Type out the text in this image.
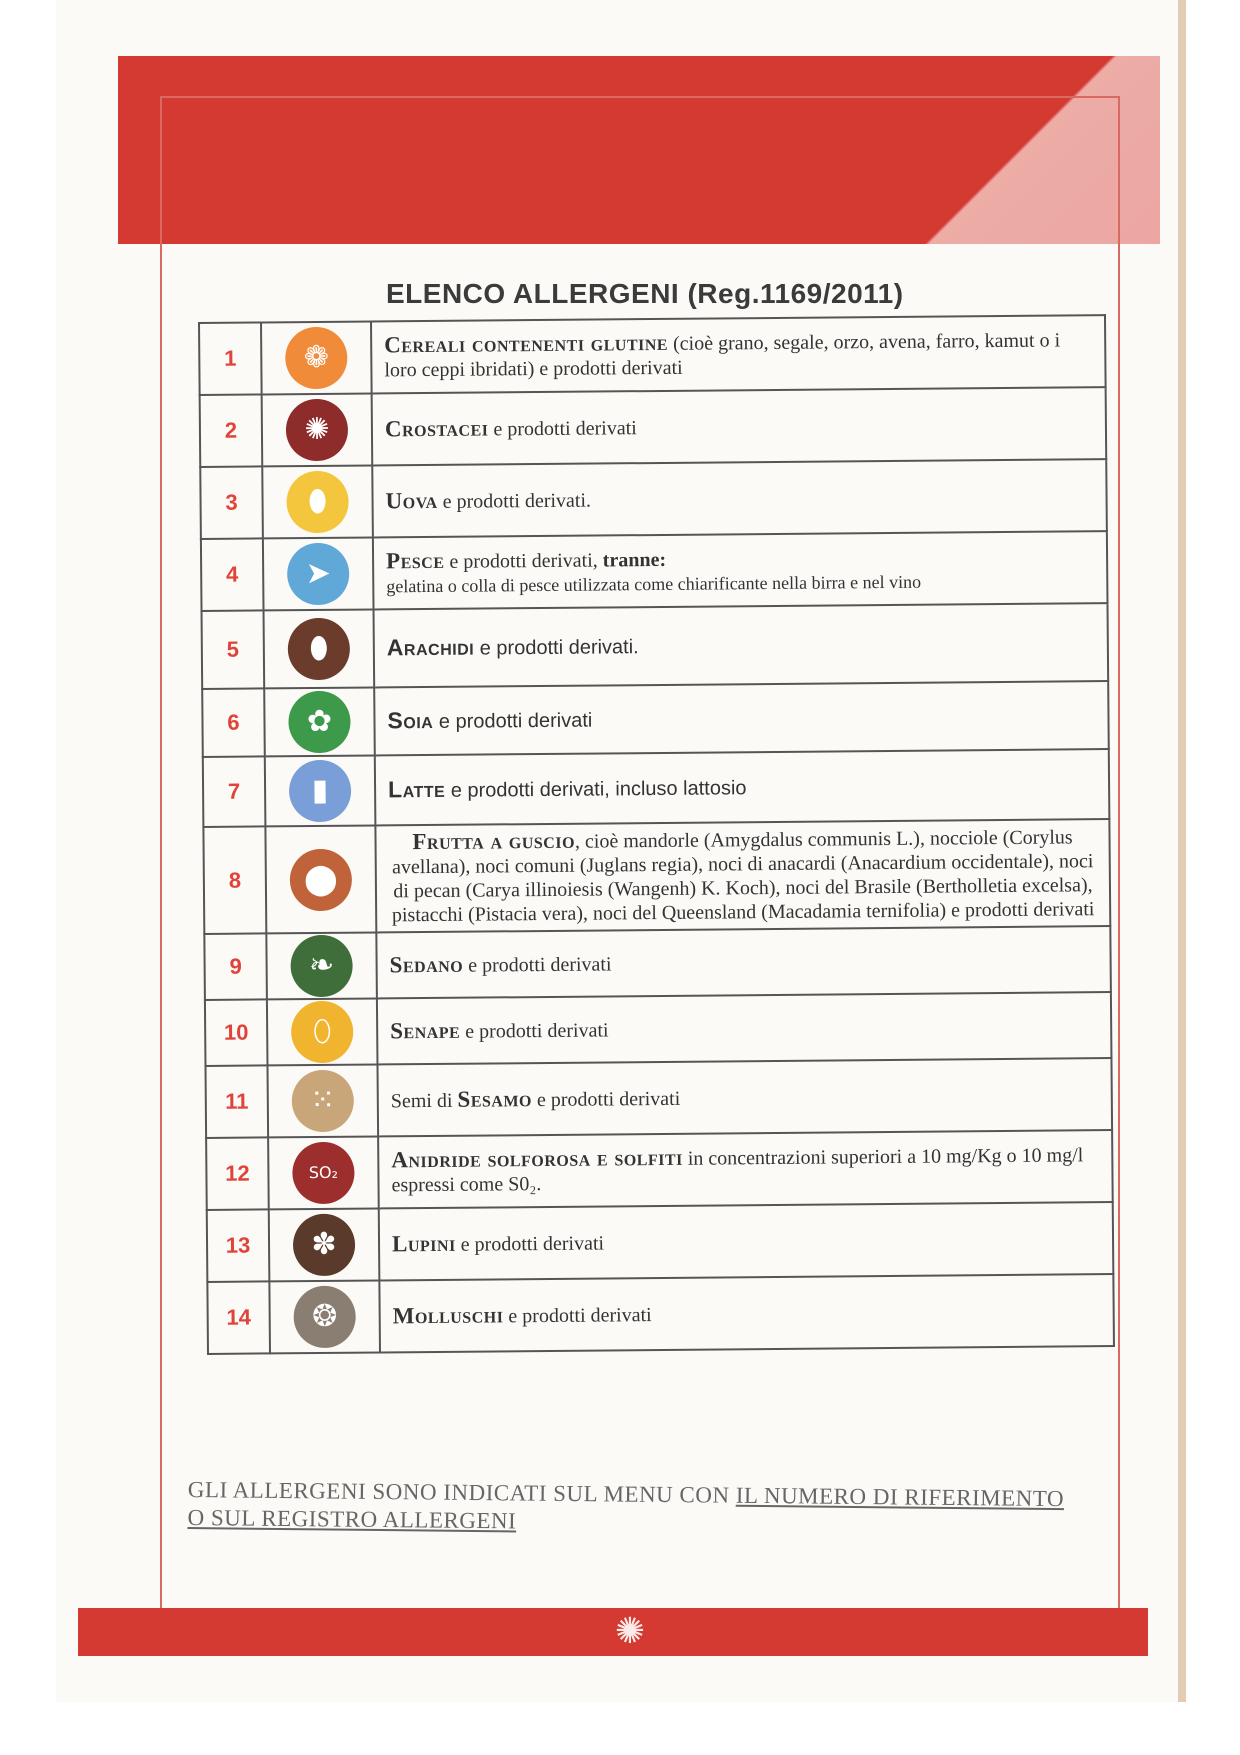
✺
ELENCO ALLERGENI (Reg.1169/2011)
1	❁	Cereali contenenti glutine (cioè grano, segale, orzo, avena, farro, kamut o i loro ceppi ibridati) e prodotti derivati
2	✺	Crostacei e prodotti derivati
3	⬮	Uova e prodotti derivati.
4	➤	Pesce e prodotti derivati, tranne:
gelatina o colla di pesce utilizzata come chiarificante nella birra e nel vino
5	⬮	Arachidi e prodotti derivati.
6	✿	Soia e prodotti derivati
7	▮	Latte e prodotti derivati, incluso lattosio
8	⬤	Frutta a guscio, cioè mandorle (Amygdalus communis L.), nocciole (Corylus avellana), noci comuni (Juglans regia), noci di anacardi (Anacardium occidentale), noci di pecan (Carya illinoiesis (Wangenh) K. Koch), noci del Brasile (Bertholletia excelsa), pistacchi (Pistacia vera), noci del Queensland (Macadamia ternifolia) e prodotti derivati
9	❧	Sedano e prodotti derivati
10	⬯	Senape e prodotti derivati
11	⁙	Semi di Sesamo e prodotti derivati
12	SO₂	Anidride solforosa e solfiti in concentrazioni superiori a 10 mg/Kg o 10 mg/l espressi come S0₂.
13	✽	Lupini e prodotti derivati
14	❂	Molluschi e prodotti derivati
GLI ALLERGENI SONO INDICATI SUL MENU CON IL NUMERO DI RIFERIMENTO
O SUL REGISTRO ALLERGENI
